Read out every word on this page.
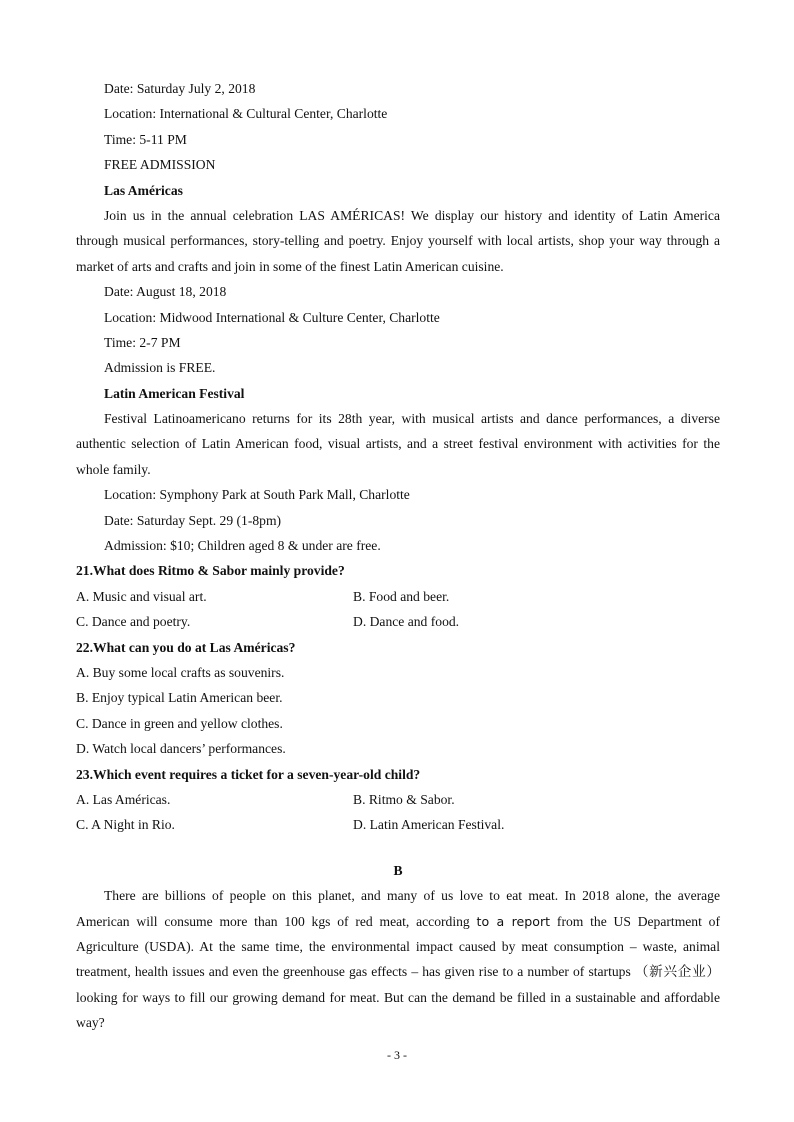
Date: Saturday July 2, 2018
Location: International & Cultural Center, Charlotte
Time: 5-11 PM
FREE ADMISSION
Las Américas
Join us in the annual celebration LAS AMÉRICAS! We display our history and identity of Latin America
through musical performances, story-telling and poetry. Enjoy yourself with local artists, shop your way through a
market of arts and crafts and join in some of the finest Latin American cuisine.
Date: August 18, 2018
Location: Midwood International & Culture Center, Charlotte
Time: 2-7 PM
Admission is FREE.
Latin American Festival
Festival Latinoamericano returns for its 28th year, with musical artists and dance performances, a diverse
authentic selection of Latin American food, visual artists, and a street festival environment with activities for the
whole family.
Location: Symphony Park at South Park Mall, Charlotte
Date: Saturday Sept. 29 (1-8pm)
Admission: $10; Children aged 8 & under are free.
21.What does Ritmo & Sabor mainly provide?
A. Music and visual art.	B. Food and beer.
C. Dance and poetry.	D. Dance and food.
22.What can you do at Las Américas?
A. Buy some local crafts as souvenirs.
B. Enjoy typical Latin American beer.
C. Dance in green and yellow clothes.
D. Watch local dancers’ performances.
23.Which event requires a ticket for a seven-year-old child?
A. Las Américas.	B. Ritmo & Sabor.
C. A Night in Rio.	D. Latin American Festival.
B
There are billions of people on this planet, and many of us love to eat meat. In 2018 alone, the average
American will consume more than 100 kgs of red meat, according to a report from the US Department of
Agriculture (USDA). At the same time, the environmental impact caused by meat consumption – waste, animal
treatment, health issues and even the greenhouse gas effects – has given rise to a number of startups （新兴企业）
looking for ways to fill our growing demand for meat. But can the demand be filled in a sustainable and affordable
way?
- 3 -
